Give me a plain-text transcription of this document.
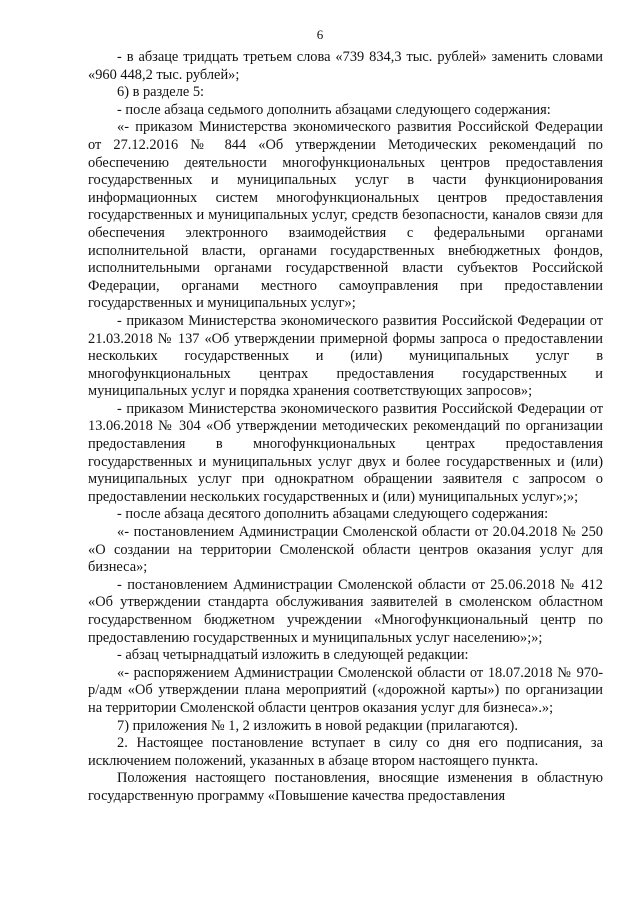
6

- в абзаце тридцать третьем слова «739 834,3 тыс. рублей» заменить словами «960 448,2 тыс. рублей»;

6) в разделе 5:

- после абзаца седьмого дополнить абзацами следующего содержания:

«- приказом Министерства экономического развития Российской Федерации от 27.12.2016 № 844 «Об утверждении Методических рекомендаций по обеспечению деятельности многофункциональных центров предоставления государственных и муниципальных услуг в части функционирования информационных систем многофункциональных центров предоставления государственных и муниципальных услуг, средств безопасности, каналов связи для обеспечения электронного взаимодействия с федеральными органами исполнительной власти, органами государственных внебюджетных фондов, исполнительными органами государственной власти субъектов Российской Федерации, органами местного самоуправления при предоставлении государственных и муниципальных услуг»;

- приказом Министерства экономического развития Российской Федерации от 21.03.2018 № 137 «Об утверждении примерной формы запроса о предоставлении нескольких государственных и (или) муниципальных услуг в многофункциональных центрах предоставления государственных и муниципальных услуг и порядка хранения соответствующих запросов»;

- приказом Министерства экономического развития Российской Федерации от 13.06.2018 № 304 «Об утверждении методических рекомендаций по организации предоставления в многофункциональных центрах предоставления государственных и муниципальных услуг двух и более государственных и (или) муниципальных услуг при однократном обращении заявителя с запросом о предоставлении нескольких государственных и (или) муниципальных услуг»;»;

- после абзаца десятого дополнить абзацами следующего содержания:

«- постановлением Администрации Смоленской области от 20.04.2018 № 250 «О создании на территории Смоленской области центров оказания услуг для бизнеса»;

- постановлением Администрации Смоленской области от 25.06.2018 № 412 «Об утверждении стандарта обслуживания заявителей в смоленском областном государственном бюджетном учреждении «Многофункциональный центр по предоставлению государственных и муниципальных услуг населению»;»;

- абзац четырнадцатый изложить в следующей редакции:

«- распоряжением Администрации Смоленской области от 18.07.2018 № 970-р/адм «Об утверждении плана мероприятий («дорожной карты») по организации на территории Смоленской области центров оказания услуг для бизнеса».»;

7) приложения № 1, 2 изложить в новой редакции (прилагаются).

2. Настоящее постановление вступает в силу со дня его подписания, за исключением положений, указанных в абзаце втором настоящего пункта.

Положения настоящего постановления, вносящие изменения в областную государственную программу «Повышение качества предоставления
